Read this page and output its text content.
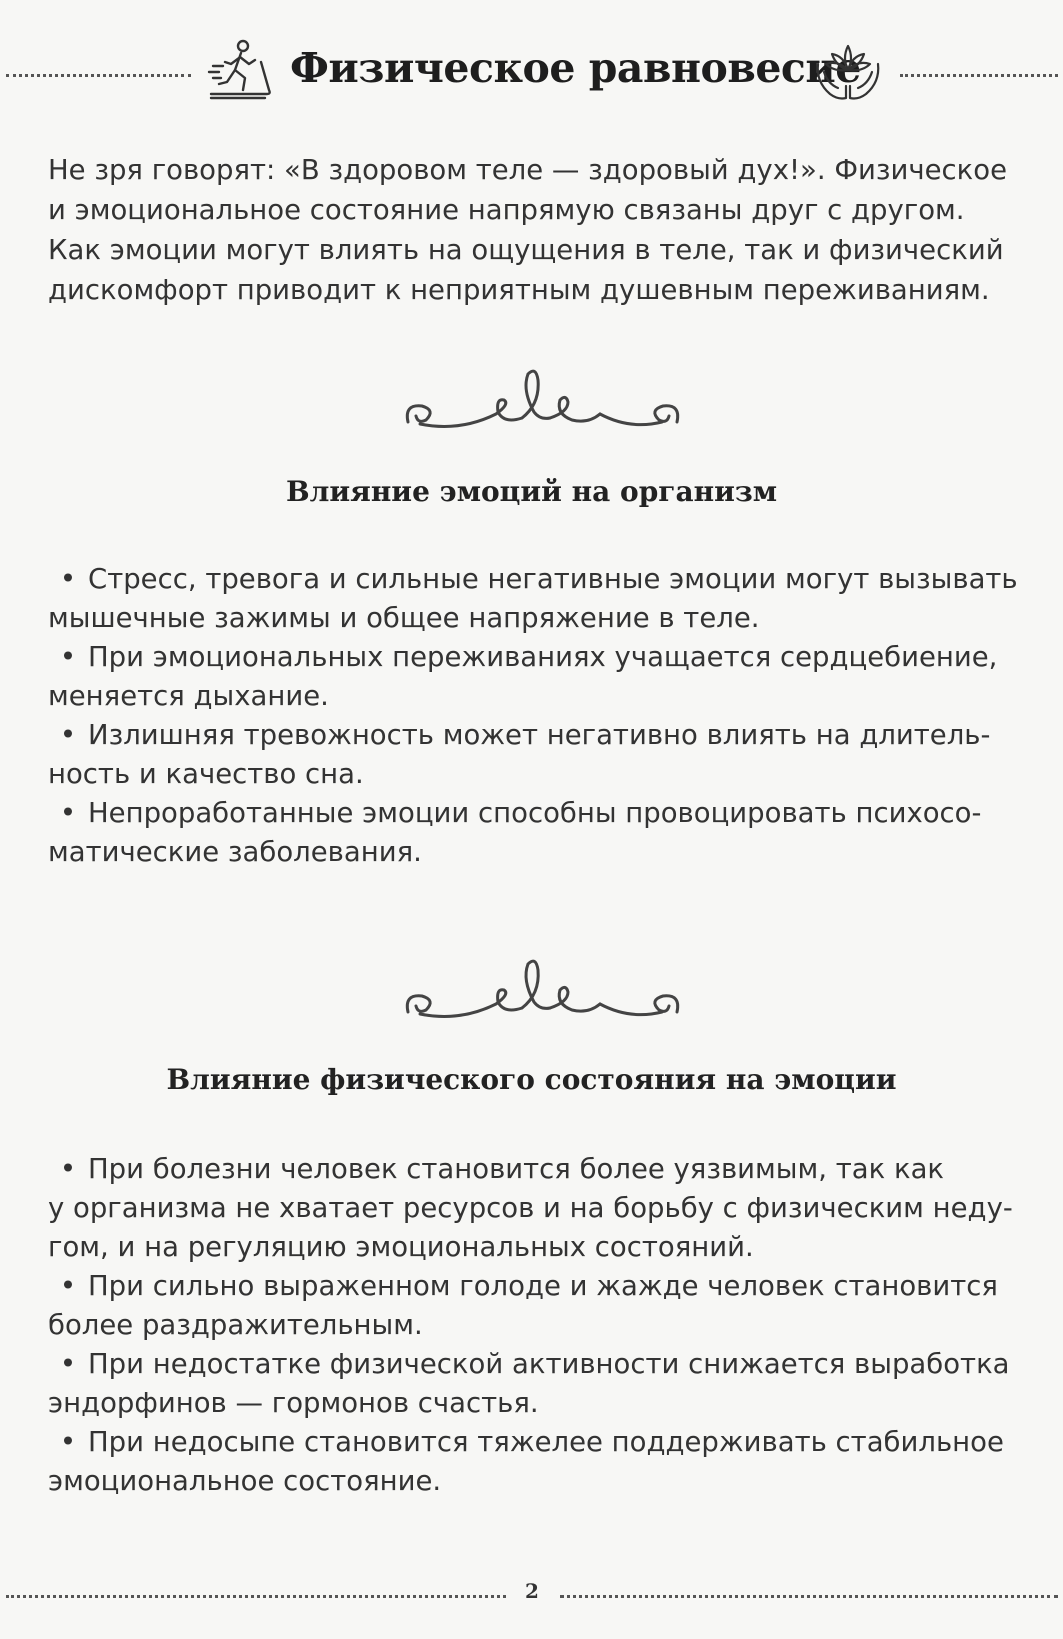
Физическое равновесие

Не зря говорят: «В здоровом теле — здоровый дух!». Физическое

и эмоциональное состояние напрямую связаны друг с другом.

Как эмоции могут влиять на ощущения в теле, так и физический

дискомфорт приводит к неприятным душевным переживаниям.

Влияние эмоций на организм
• Стресс, тревога и сильные негативные эмоции могут вызывать
мышечные зажимы и общее напряжение в теле.
• При эмоциональных переживаниях учащается сердцебиение,
меняется дыхание.
• Излишняя тревожность может негативно влиять на длитель-
ность и качество сна.
• Непроработанные эмоции способны провоцировать психосо-
матические заболевания.
Влияние физического состояния на эмоции
• При болезни человек становится более уязвимым, так как
у организма не хватает ресурсов и на борьбу с физическим неду-
гом, и на регуляцию эмоциональных состояний.
• При сильно выраженном голоде и жажде человек становится
более раздражительным.
• При недостатке физической активности снижается выработка
эндорфинов — гормонов счастья.
• При недосыпе становится тяжелее поддерживать стабильное
эмоциональное состояние.
2
